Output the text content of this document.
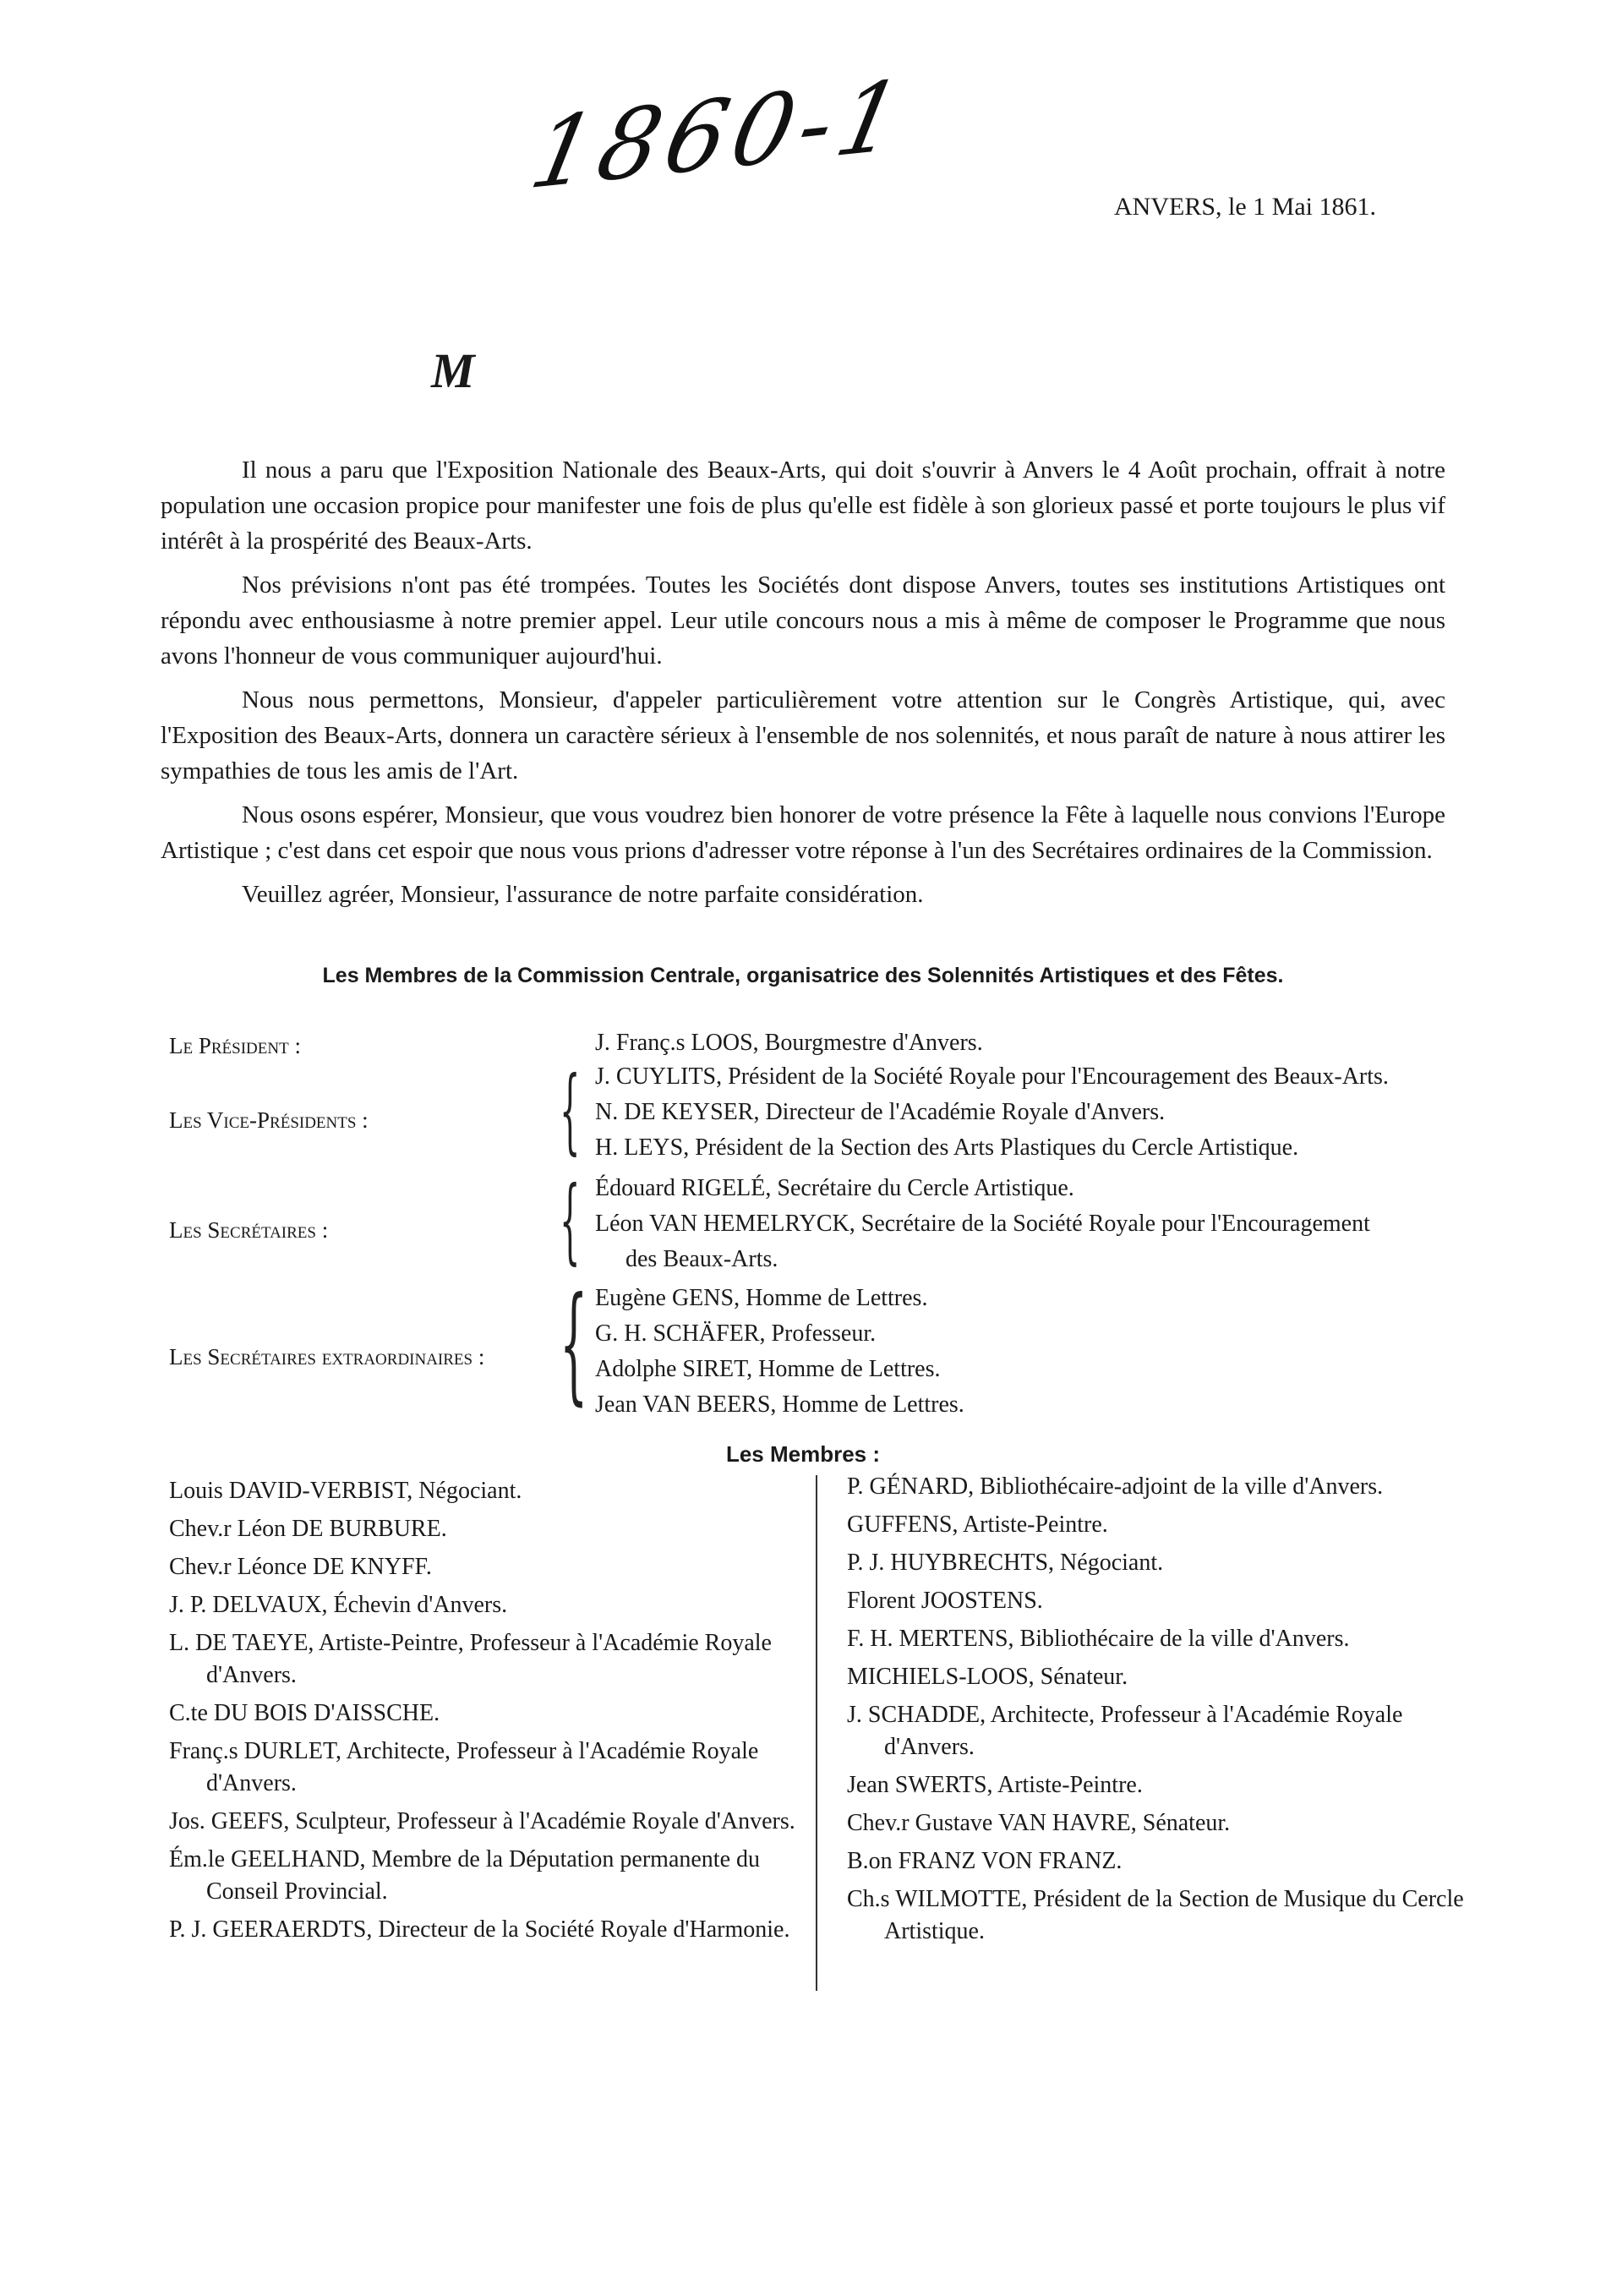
1860-1	ANVERS, le 1 Mai 1861.
M

Il nous a paru que l'Exposition Nationale des Beaux-Arts, qui doit s'ouvrir à Anvers le 4 Août prochain, offrait à notre population une occasion propice pour manifester une fois de plus qu'elle est fidèle à son glorieux passé et porte toujours le plus vif intérêt à la prospérité des Beaux-Arts.

Nos prévisions n'ont pas été trompées. Toutes les Sociétés dont dispose Anvers, toutes ses institutions Artistiques ont répondu avec enthousiasme à notre premier appel. Leur utile concours nous a mis à même de composer le Programme que nous avons l'honneur de vous communiquer aujourd'hui.

Nous nous permettons, Monsieur, d'appeler particulièrement votre attention sur le Congrès Artistique, qui, avec l'Exposition des Beaux-Arts, donnera un caractère sérieux à l'ensemble de nos solennités, et nous paraît de nature à nous attirer les sympathies de tous les amis de l'Art.

Nous osons espérer, Monsieur, que vous voudrez bien honorer de votre présence la Fête à laquelle nous convions l'Europe Artistique ; c'est dans cet espoir que nous vous prions d'adresser votre réponse à l'un des Secrétaires ordinaires de la Commission.

Veuillez agréer, Monsieur, l'assurance de notre parfaite considération.

Les Membres de la Commission Centrale, organisatrice des Solennités Artistiques et des Fêtes.
Le Président :	J. Franç.s LOOS, Bourgmestre d'Anvers.
{
Les Vice-Présidents :
J. CUYLITS, Président de la Société Royale pour l'Encouragement des Beaux-Arts.
N. DE KEYSER, Directeur de l'Académie Royale d'Anvers.
H. LEYS, Président de la Section des Arts Plastiques du Cercle Artistique.
{
Les Secrétaires :
Édouard RIGELÉ, Secrétaire du Cercle Artistique.
Léon VAN HEMELRYCK, Secrétaire de la Société Royale pour l'Encouragement
des Beaux-Arts.
{
Les Secrétaires extraordinaires :
Eugène GENS, Homme de Lettres.
G. H. SCHÄFER, Professeur.
Adolphe SIRET, Homme de Lettres.
Jean VAN BEERS, Homme de Lettres.
Les Membres :
Louis DAVID-VERBIST, Négociant.
Chev.r Léon DE BURBURE.
Chev.r Léonce DE KNYFF.
J. P. DELVAUX, Échevin d'Anvers.
L. DE TAEYE, Artiste-Peintre, Professeur à l'Académie Royale d'Anvers.
C.te DU BOIS D'AISSCHE.
Franç.s DURLET, Architecte, Professeur à l'Académie Royale d'Anvers.
Jos. GEEFS, Sculpteur, Professeur à l'Académie Royale d'Anvers.
Ém.le GEELHAND, Membre de la Députation permanente du Conseil Provincial.
P. J. GEERAERDTS, Directeur de la Société Royale d'Harmonie.
P. GÉNARD, Bibliothécaire-adjoint de la ville d'Anvers.
GUFFENS, Artiste-Peintre.
P. J. HUYBRECHTS, Négociant.
Florent JOOSTENS.
F. H. MERTENS, Bibliothécaire de la ville d'Anvers.
MICHIELS-LOOS, Sénateur.
J. SCHADDE, Architecte, Professeur à l'Académie Royale d'Anvers.
Jean SWERTS, Artiste-Peintre.
Chev.r Gustave VAN HAVRE, Sénateur.
B.on FRANZ VON FRANZ.
Ch.s WILMOTTE, Président de la Section de Musique du Cercle Artistique.
